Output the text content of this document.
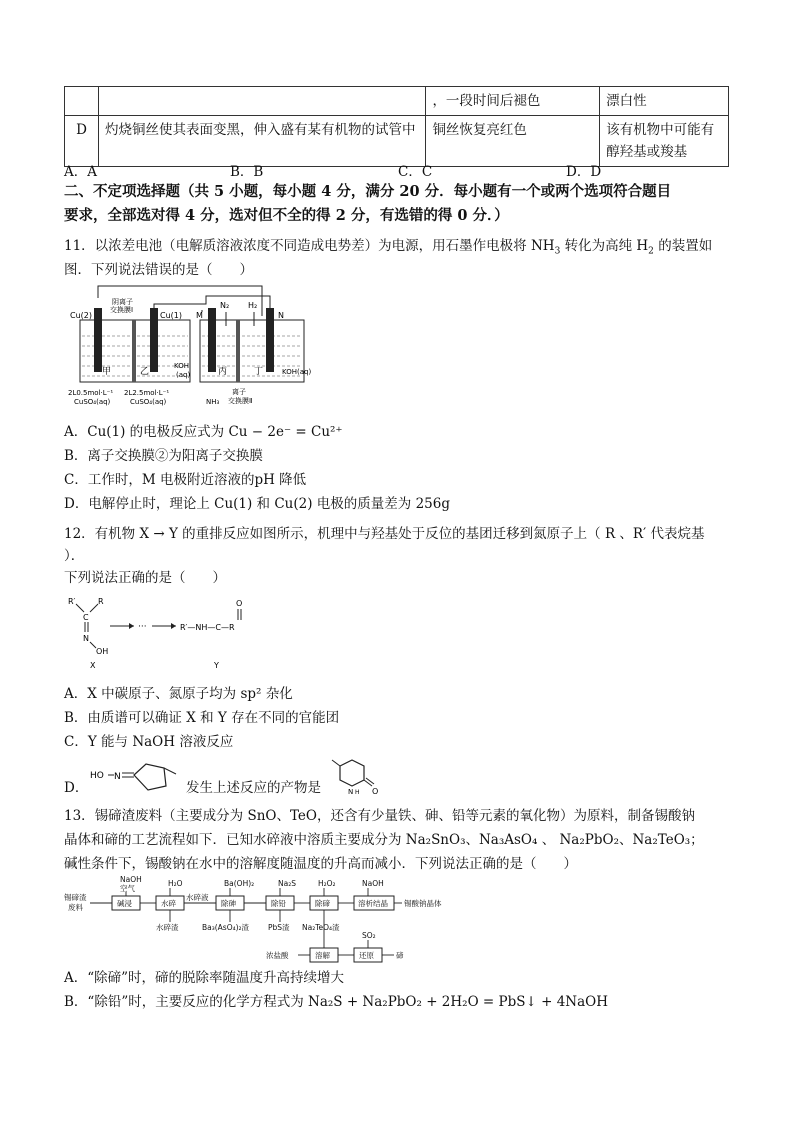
		，一段时间后褪色	漂白性
D	灼烧铜丝使其表面变黑，伸入盛有某有机物的试管中	铜丝恢复亮红色	该有机物中可能有醇羟基或羧基
A．A	B．B	C．C	D．D
二、不定项选择题（共 5 小题，每小题 4 分，满分 20 分．每小题有一个或两个选项符合题目
要求，全部选对得 4 分，选对但不全的得 2 分，有选错的得 0 分．）
11．以浓差电池（电解质溶液浓度不同造成电势差）为电源，用石墨作电极将 $NH_3$ 转化为高纯 $H_2$ 的装置如
图．下列说法错误的是（　　）
Cu(2)
阴离子
交换膜Ⅰ
Cu(1) M	N
N₂ H₂
甲	乙	丙	丁
KOH
(aq)	KOH(aq)
NH₃
离子
交换膜Ⅱ
2L0.5mol·L⁻¹
CuSO₄(aq)
2L2.5mol·L⁻¹
CuSO₄(aq)
A．Cu(1) 的电极反应式为 Cu − 2e⁻ = Cu²⁺
B．离子交换膜②为阳离子交换膜
C．工作时，M 电极附近溶液的pH 降低
D．电解停止时，理论上 Cu(1) 和 Cu(2) 电极的质量差为 256g
12．有机物 X → Y 的重排反应如图所示，机理中与羟基处于反位的基团迁移到氮原子上（ R 、R′ 代表烷基
）．
下列说法正确的是（　　）
R′	R
C
N
OH
X
···	R′—NH—C—R
O
Y
A．X 中碳原子、氮原子均为 sp² 杂化
B．由质谱可以确证 X 和 Y 存在不同的官能团
C．Y 能与 NaOH 溶液反应
D．
HO N
发生上述反应的产物是	O
N H
13．锡碲渣废料（主要成分为 SnO、TeO，还含有少量铁、砷、铅等元素的氧化物）为原料，制备锡酸钠
晶体和碲的工艺流程如下．已知水碎液中溶质主要成分为 Na₂SnO₃、Na₃AsO₄ 、 Na₂PbO₂、Na₂TeO₃；
碱性条件下，锡酸钠在水中的溶解度随温度的升高而减小．下列说法正确的是（　　）
锡碲渣
废料
NaOH
空气
碱浸
H₂O
水碎
水碎液
Ba(OH)₂
除砷
Na₂S
除铅
H₂O₂
除碲
NaOH
溶析结晶 锡酸钠晶体
水碎渣	Ba₃(AsO₄)₂渣	PbS渣 Na₂TeO₄渣
浓盐酸	溶解
SO₂
还原	碲
A．“除碲”时，碲的脱除率随温度升高持续增大
B．“除铅”时，主要反应的化学方程式为 Na₂S + Na₂PbO₂ + 2H₂O = PbS↓ + 4NaOH
